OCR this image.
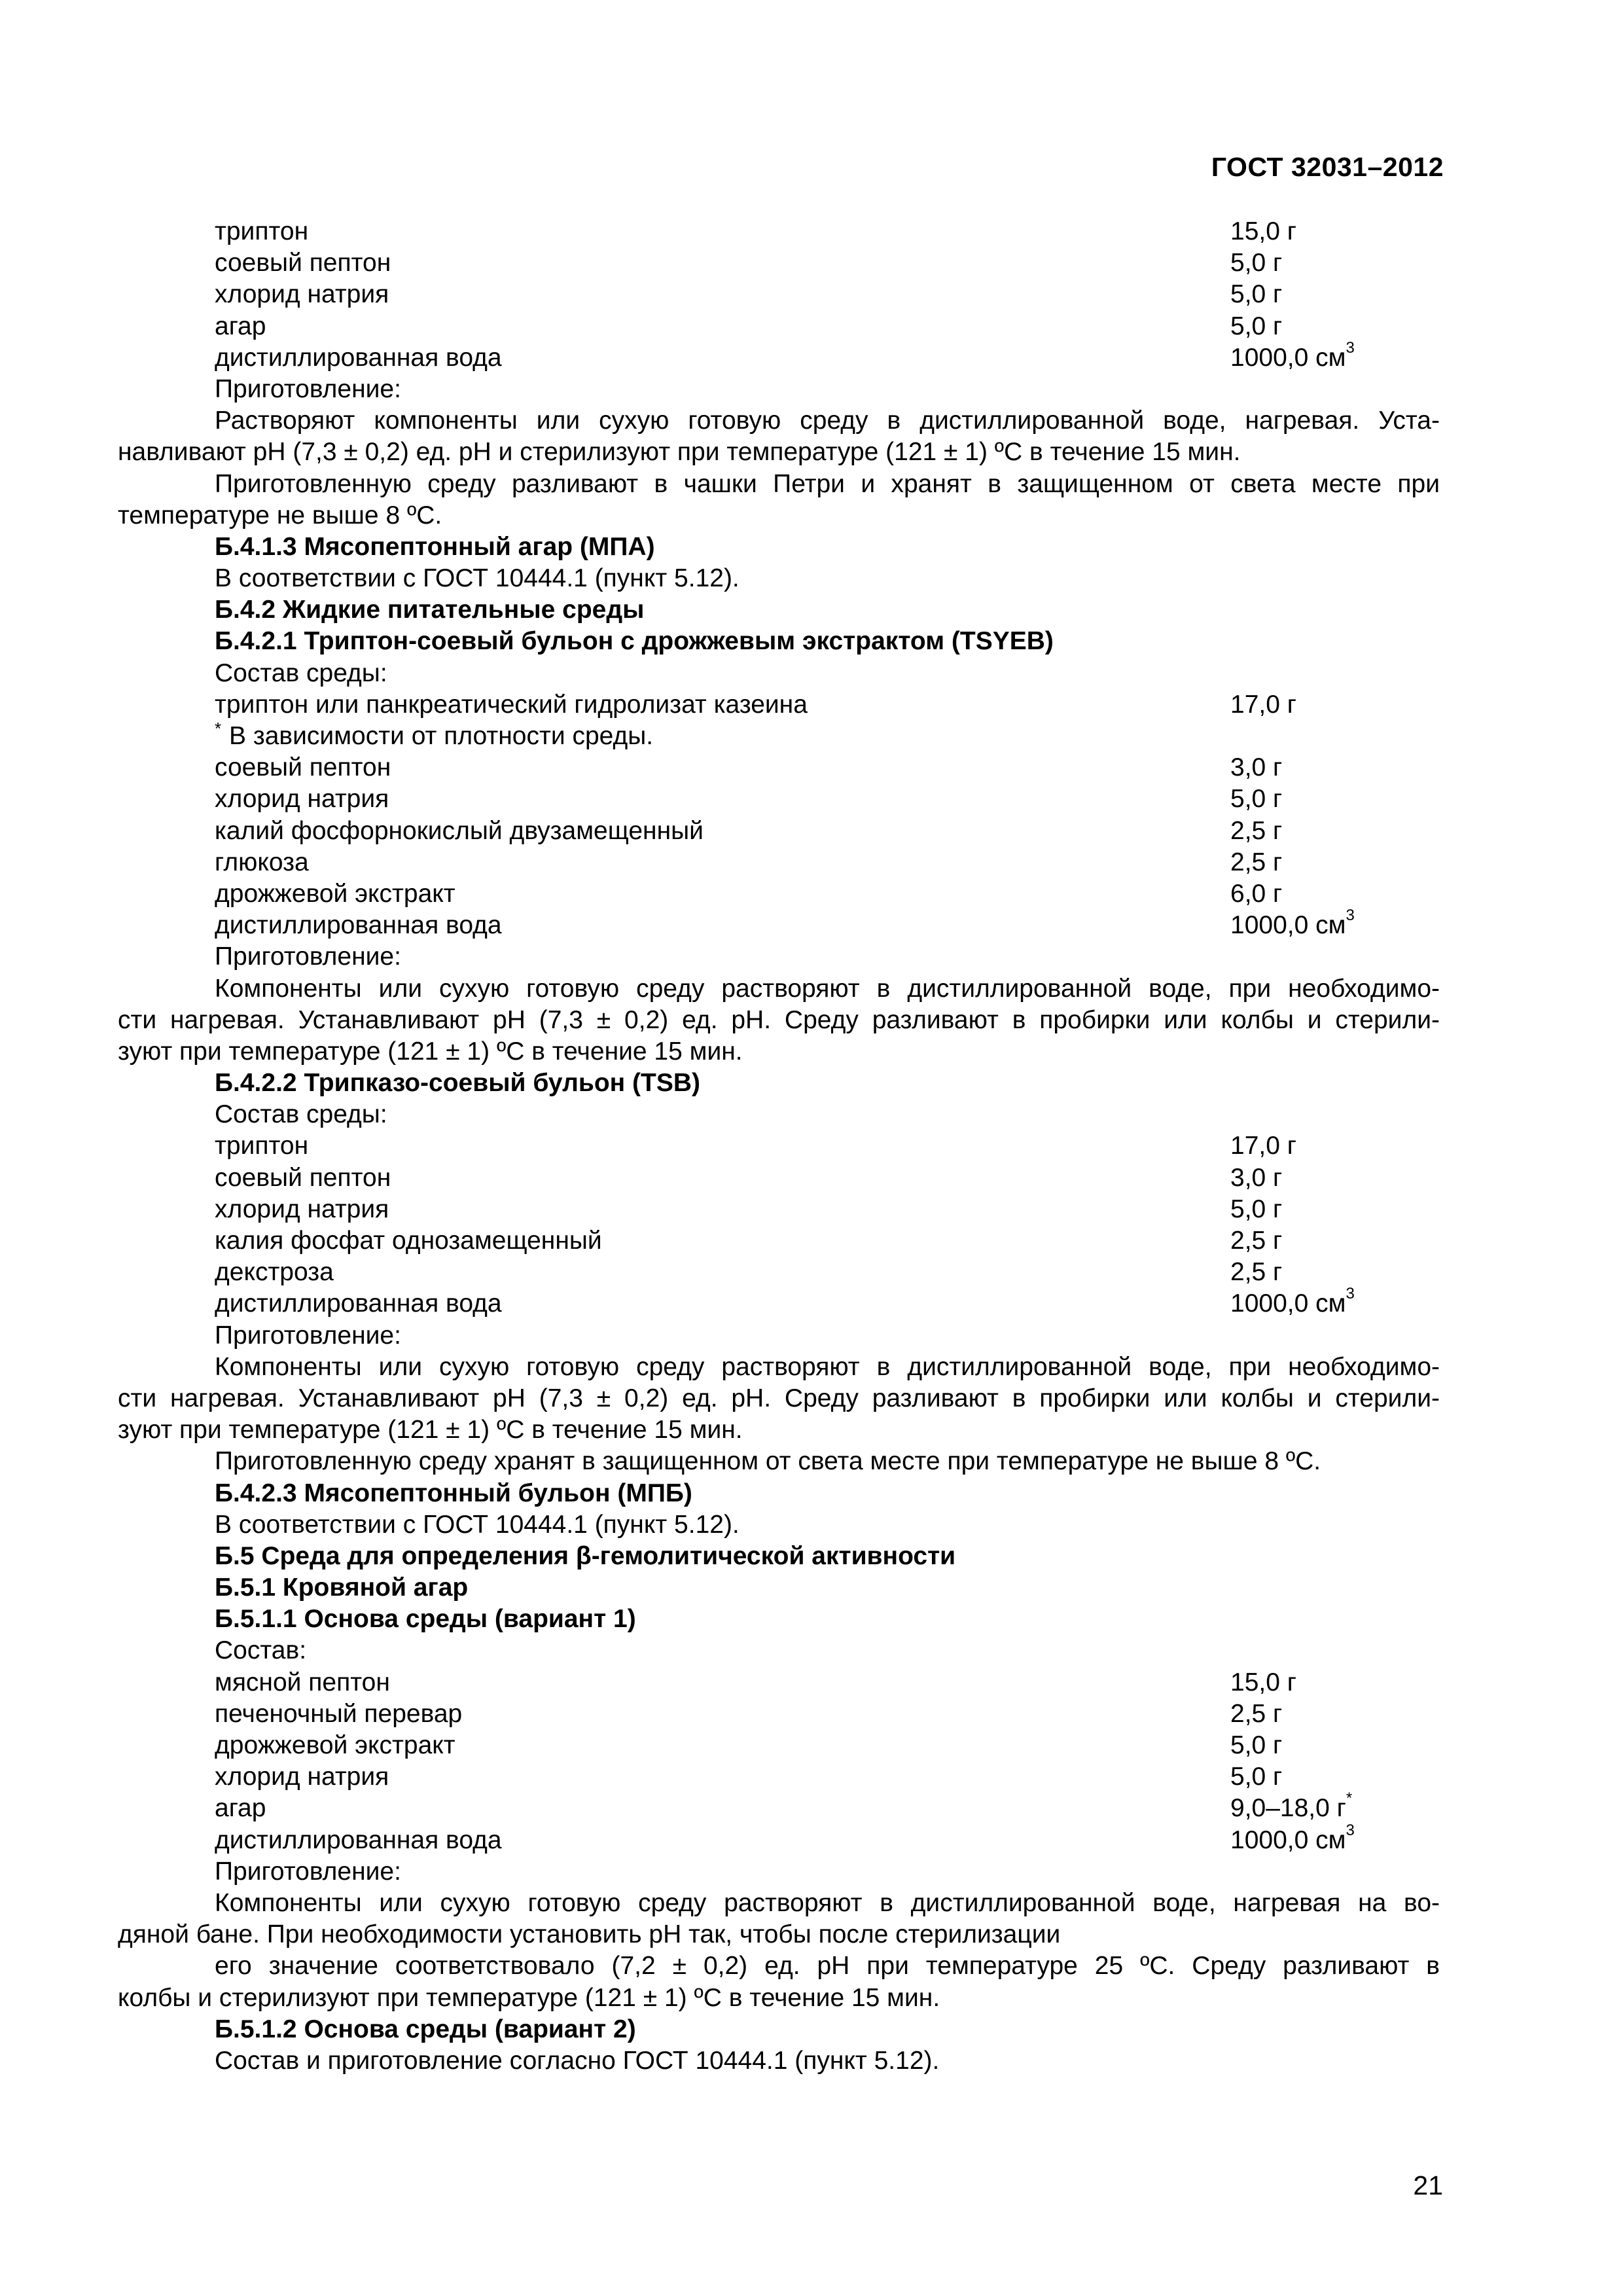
ГОСТ 32031–2012
триптон	15,0 г
соевый пептон	5,0 г
хлорид натрия	5,0 г
агар	5,0 г
дистиллированная вода	1000,0 $см^3$
Приготовление:
Растворяют компоненты или сухую готовую среду в дистиллированной воде, нагревая. Уста-
навливают pH (7,3 ± 0,2) ед. pH и стерилизуют при температуре (121 ± 1) ºС в течение 15 мин.
Приготовленную среду разливают в чашки Петри и хранят в защищенном от света месте при
температуре не выше 8 ºС.
Б.4.1.3 Мясопептонный агар (МПА)
В соответствии с ГОСТ 10444.1 (пункт 5.12).
Б.4.2 Жидкие питательные среды
Б.4.2.1 Триптон-соевый бульон с дрожжевым экстрактом (TSYEB)
Состав среды:
триптон или панкреатический гидролизат казеина	17,0 г
* В зависимости от плотности среды.
соевый пептон	3,0 г
хлорид натрия	5,0 г
калий фосфорнокислый двузамещенный	2,5 г
глюкоза	2,5 г
дрожжевой экстракт	6,0 г
дистиллированная вода	1000,0 $см^3$
Приготовление:
Компоненты или сухую готовую среду растворяют в дистиллированной воде, при необходимо-
сти нагревая. Устанавливают pH (7,3 ± 0,2) ед. pH. Среду разливают в пробирки или колбы и стерили-
зуют при температуре (121 ± 1) ºС в течение 15 мин.
Б.4.2.2 Трипказо-соевый бульон (TSB)
Состав среды:
триптон	17,0 г
соевый пептон	3,0 г
хлорид натрия	5,0 г
калия фосфат однозамещенный	2,5 г
декстроза	2,5 г
дистиллированная вода	1000,0 $см^3$
Приготовление:
Компоненты или сухую готовую среду растворяют в дистиллированной воде, при необходимо-
сти нагревая. Устанавливают pH (7,3 ± 0,2) ед. pH. Среду разливают в пробирки или колбы и стерили-
зуют при температуре (121 ± 1) ºС в течение 15 мин.
Приготовленную среду хранят в защищенном от света месте при температуре не выше 8 ºС.
Б.4.2.3 Мясопептонный бульон (МПБ)
В соответствии с ГОСТ 10444.1 (пункт 5.12).
Б.5 Среда для определения β-гемолитической активности
Б.5.1 Кровяной агар
Б.5.1.1 Основа среды (вариант 1)
Состав:
мясной пептон	15,0 г
печеночный перевар	2,5 г
дрожжевой экстракт	5,0 г
хлорид натрия	5,0 г
агар	9,0–18,0 г*
дистиллированная вода	1000,0 $см^3$
Приготовление:
Компоненты или сухую готовую среду растворяют в дистиллированной воде, нагревая на во-
дяной бане. При необходимости установить pH так, чтобы после стерилизации
его значение соответствовало (7,2 ± 0,2) ед. pH при температуре 25 ºС. Среду разливают в
колбы и стерилизуют при температуре (121 ± 1) ºС в течение 15 мин.
Б.5.1.2 Основа среды (вариант 2)
Состав и приготовление согласно ГОСТ 10444.1 (пункт 5.12).
21
